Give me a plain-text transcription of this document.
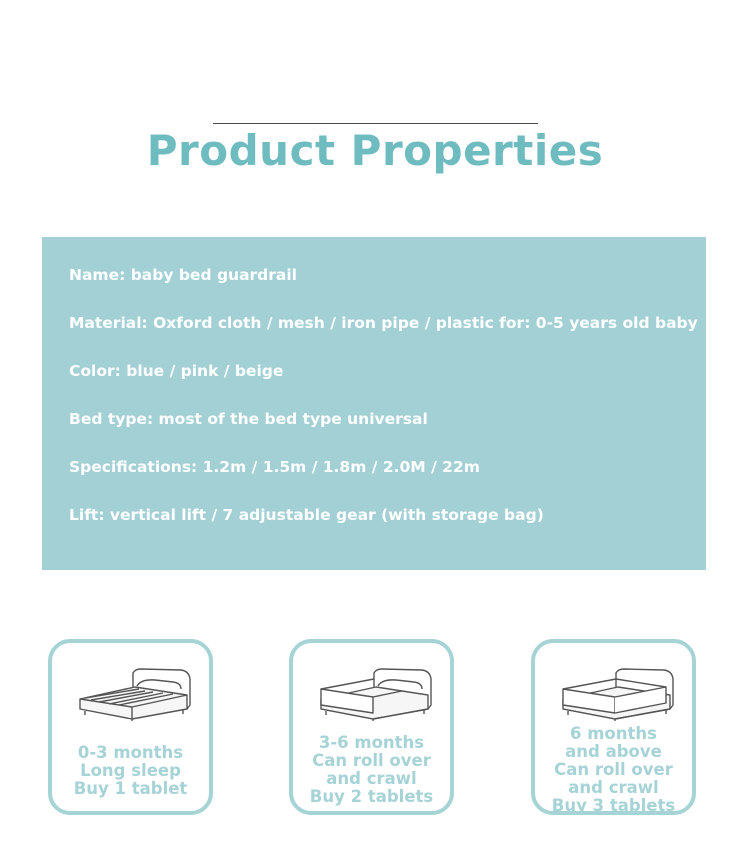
Product Properties
Name: baby bed guardrail
Material: Oxford cloth / mesh / iron pipe / plastic for: 0-5 years old baby
Color: blue / pink / beige
Bed type: most of the bed type universal
Specifications: 1.2m / 1.5m / 1.8m / 2.0M / 22m
Lift: vertical lift / 7 adjustable gear (with storage bag)
0-3 months
Long sleep
Buy 1 tablet
3-6 months
Can roll over
and crawl
Buy 2 tablets
6 months
and above
Can roll over
and crawl
Buy 3 tablets
